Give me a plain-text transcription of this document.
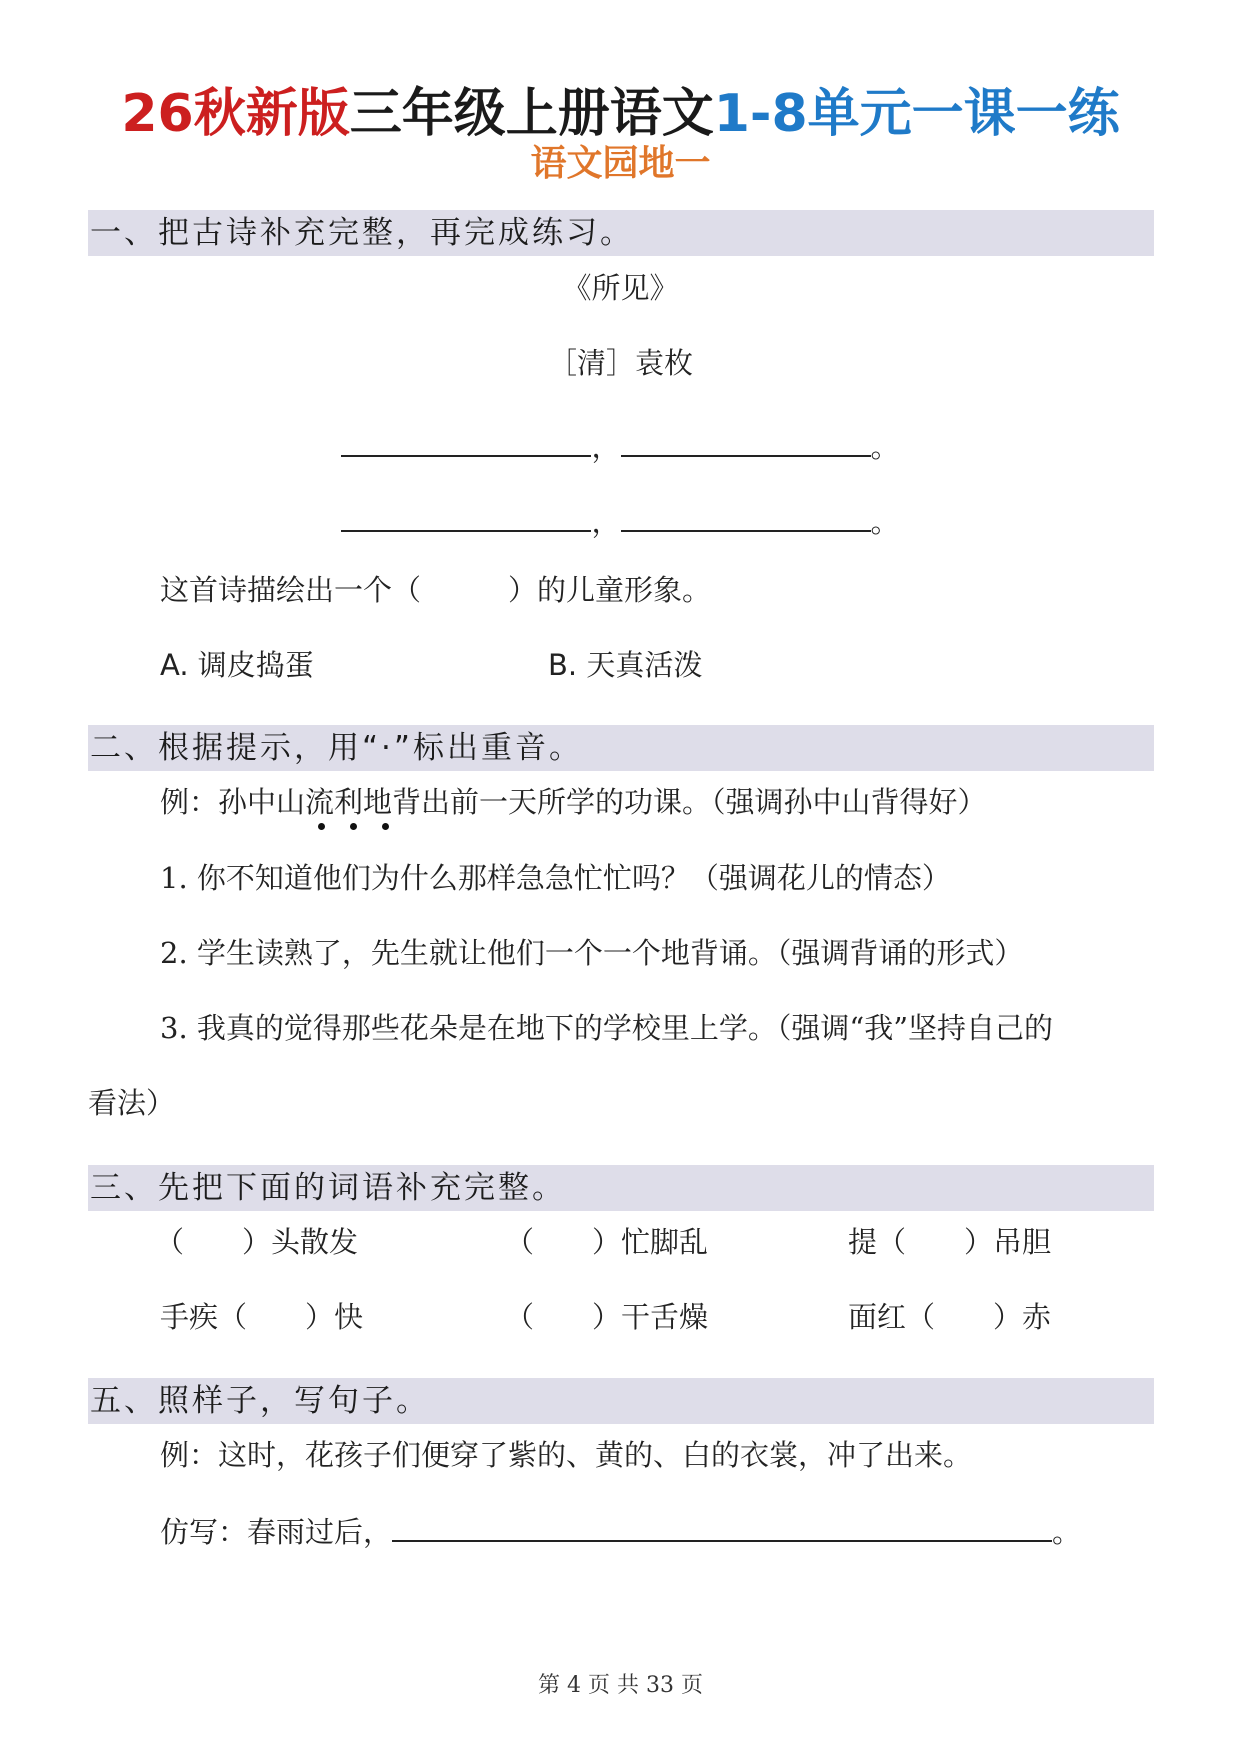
26秋新版三年级上册语文1-8单元一课一练
语文园地一
一、把古诗补充完整，再完成练习。
《所见》
［清］袁枚
，	。
，	。
这首诗描绘出一个（　　　）的儿童形象。
A. 调皮捣蛋	B. 天真活泼
二、根据提示，用“·”标出重音。
例：孙中山流利地背出前一天所学的功课。（强调孙中山背得好）
1. 你不知道他们为什么那样急急忙忙吗？（强调花儿的情态）
2. 学生读熟了，先生就让他们一个一个地背诵。（强调背诵的形式）
3. 我真的觉得那些花朵是在地下的学校里上学。（强调“我”坚持自己的
看法）
三、先把下面的词语补充完整。
（　　）头散发	（　　）忙脚乱	提（　　）吊胆
手疾（　　）快	（　　）干舌燥	面红（　　）赤
五、照样子，写句子。
例：这时，花孩子们便穿了紫的、黄的、白的衣裳，冲了出来。
仿写：春雨过后，	。
第 4 页 共 33 页
